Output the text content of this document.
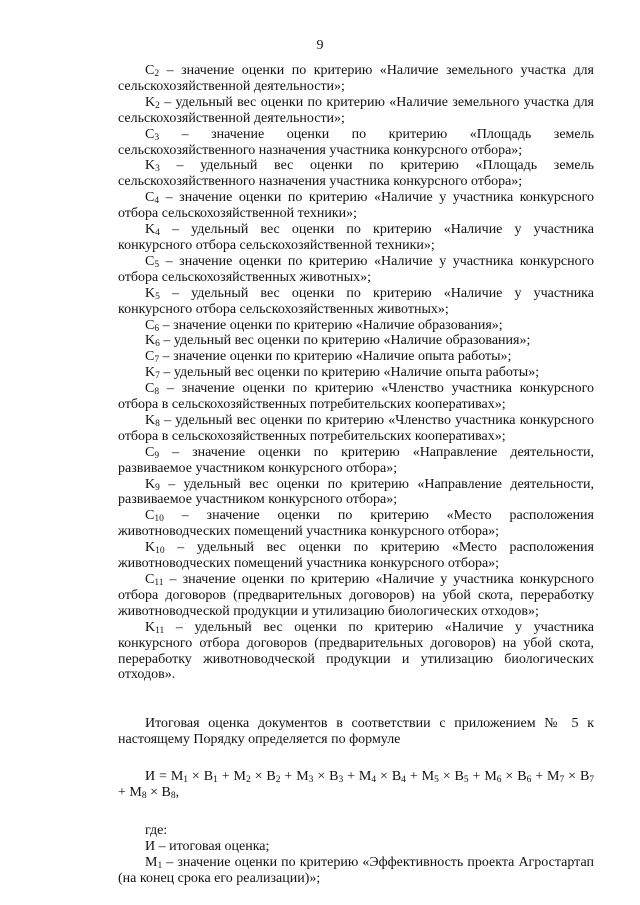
9

$С_2$ – значение оценки по критерию «Наличие земельного участка для сельскохозяйственной деятельности»;

$K_2$ – удельный вес оценки по критерию «Наличие земельного участка для сельскохозяйственной деятельности»;

$С_3$ – значение оценки по критерию «Площадь земель сельскохозяйственного назначения участника конкурсного отбора»;

$K_3$ – удельный вес оценки по критерию «Площадь земель сельскохозяйственного назначения участника конкурсного отбора»;

$С_4$ – значение оценки по критерию «Наличие у участника конкурсного отбора сельскохозяйственной техники»;

$K_4$ – удельный вес оценки по критерию «Наличие у участника конкурсного отбора сельскохозяйственной техники»;

$С_5$ – значение оценки по критерию «Наличие у участника конкурсного отбора сельскохозяйственных животных»;

$K_5$ – удельный вес оценки по критерию «Наличие у участника конкурсного отбора сельскохозяйственных животных»;

$С_6$ – значение оценки по критерию «Наличие образования»;

$K_6$ – удельный вес оценки по критерию «Наличие образования»;

$С_7$ – значение оценки по критерию «Наличие опыта работы»;

$K_7$ – удельный вес оценки по критерию «Наличие опыта работы»;

$С_8$ – значение оценки по критерию «Членство участника конкурсного отбора в сельскохозяйственных потребительских кооперативах»;

$K_8$ – удельный вес оценки по критерию «Членство участника конкурсного отбора в сельскохозяйственных потребительских кооперативах»;

$С_9$ – значение оценки по критерию «Направление деятельности, развиваемое участником конкурсного отбора»;

$K_9$ – удельный вес оценки по критерию «Направление деятельности, развиваемое участником конкурсного отбора»;

$С_{10}$ – значение оценки по критерию «Место расположения животноводческих помещений участника конкурсного отбора»;

$K_{10}$ – удельный вес оценки по критерию «Место расположения животноводческих помещений участника конкурсного отбора»;

$С_{11}$ – значение оценки по критерию «Наличие у участника конкурсного отбора договоров (предварительных договоров) на убой скота, переработку животноводческой продукции и утилизацию биологических отходов»;

$K_{11}$ – удельный вес оценки по критерию «Наличие у участника конкурсного отбора договоров (предварительных договоров) на убой скота, переработку животноводческой продукции и утилизацию биологических отходов».

Итоговая оценка документов в соответствии с приложением № 5 к настоящему Порядку определяется по формуле

$И = М_1 \times В_1 + М_2 \times В_2 + М_3 \times В_3 + М_4 \times В_4 + М_5 \times В_5 + М_6 \times В_6 + М_7 \times В_7 + М_8 \times В_8$,

где:

И – итоговая оценка;

$М_1$ – значение оценки по критерию «Эффективность проекта Агростартап (на конец срока его реализации)»;
